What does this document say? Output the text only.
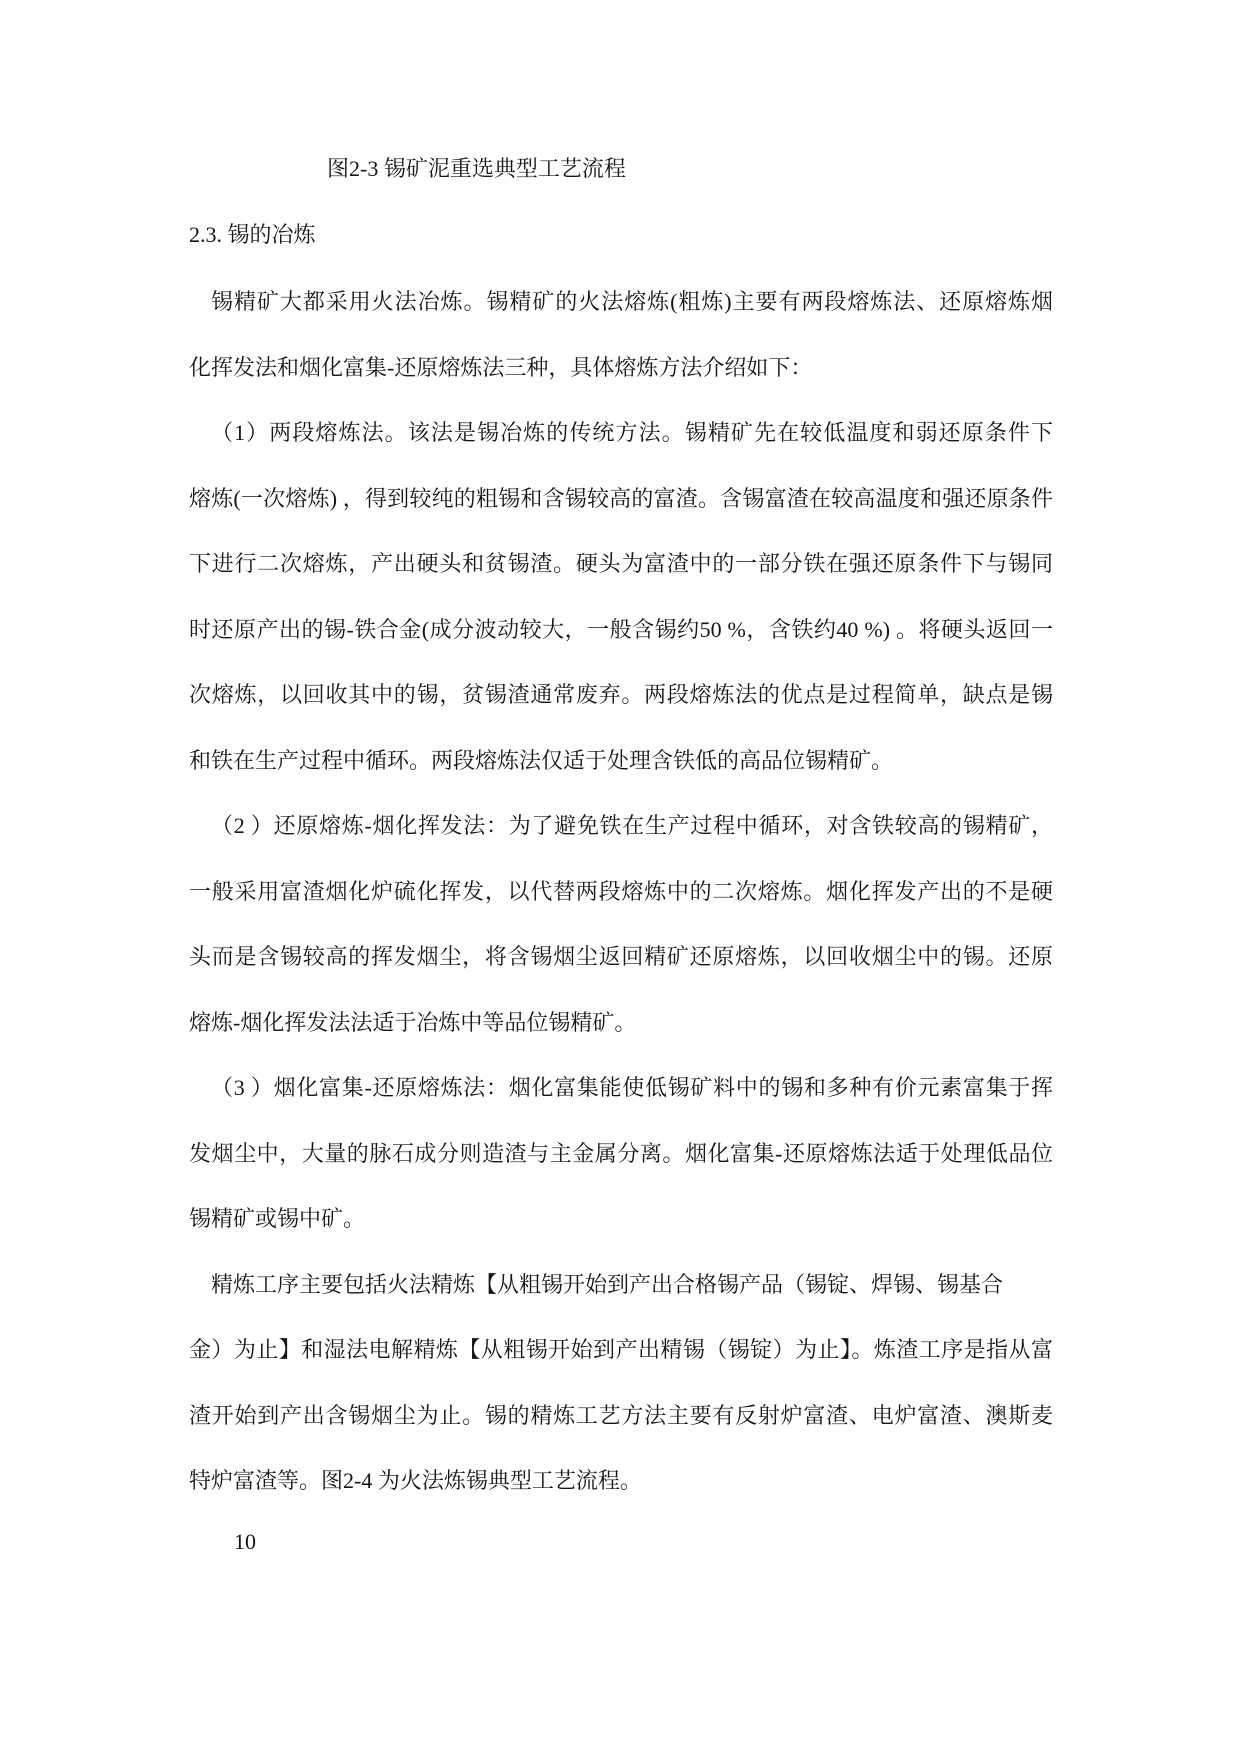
图2-3 锡矿泥重选典型工艺流程
2.3. 锡的冶炼
锡精矿大都采用火法冶炼。锡精矿的火法熔炼(粗炼)主要有两段熔炼法、还原熔炼烟
化挥发法和烟化富集-还原熔炼法三种，具体熔炼方法介绍如下：
（1）两段熔炼法。该法是锡冶炼的传统方法。锡精矿先在较低温度和弱还原条件下
熔炼(一次熔炼) ，得到较纯的粗锡和含锡较高的富渣。含锡富渣在较高温度和强还原条件
下进行二次熔炼，产出硬头和贫锡渣。硬头为富渣中的一部分铁在强还原条件下与锡同
时还原产出的锡-铁合金(成分波动较大，一般含锡约50 %，含铁约40 %) 。将硬头返回一
次熔炼，以回收其中的锡，贫锡渣通常废弃。两段熔炼法的优点是过程简单，缺点是锡
和铁在生产过程中循环。两段熔炼法仅适于处理含铁低的高品位锡精矿。
（2 ）还原熔炼-烟化挥发法：为了避免铁在生产过程中循环，对含铁较高的锡精矿，
一般采用富渣烟化炉硫化挥发，以代替两段熔炼中的二次熔炼。烟化挥发产出的不是硬
头而是含锡较高的挥发烟尘，将含锡烟尘返回精矿还原熔炼，以回收烟尘中的锡。还原
熔炼-烟化挥发法法适于冶炼中等品位锡精矿。
（3 ）烟化富集-还原熔炼法：烟化富集能使低锡矿料中的锡和多种有价元素富集于挥
发烟尘中，大量的脉石成分则造渣与主金属分离。烟化富集-还原熔炼法适于处理低品位
锡精矿或锡中矿。
精炼工序主要包括火法精炼【从粗锡开始到产出合格锡产品（锡锭、焊锡、锡基合
金）为止】和湿法电解精炼【从粗锡开始到产出精锡（锡锭）为止】。炼渣工序是指从富
渣开始到产出含锡烟尘为止。锡的精炼工艺方法主要有反射炉富渣、电炉富渣、澳斯麦
特炉富渣等。图2-4 为火法炼锡典型工艺流程。
10
